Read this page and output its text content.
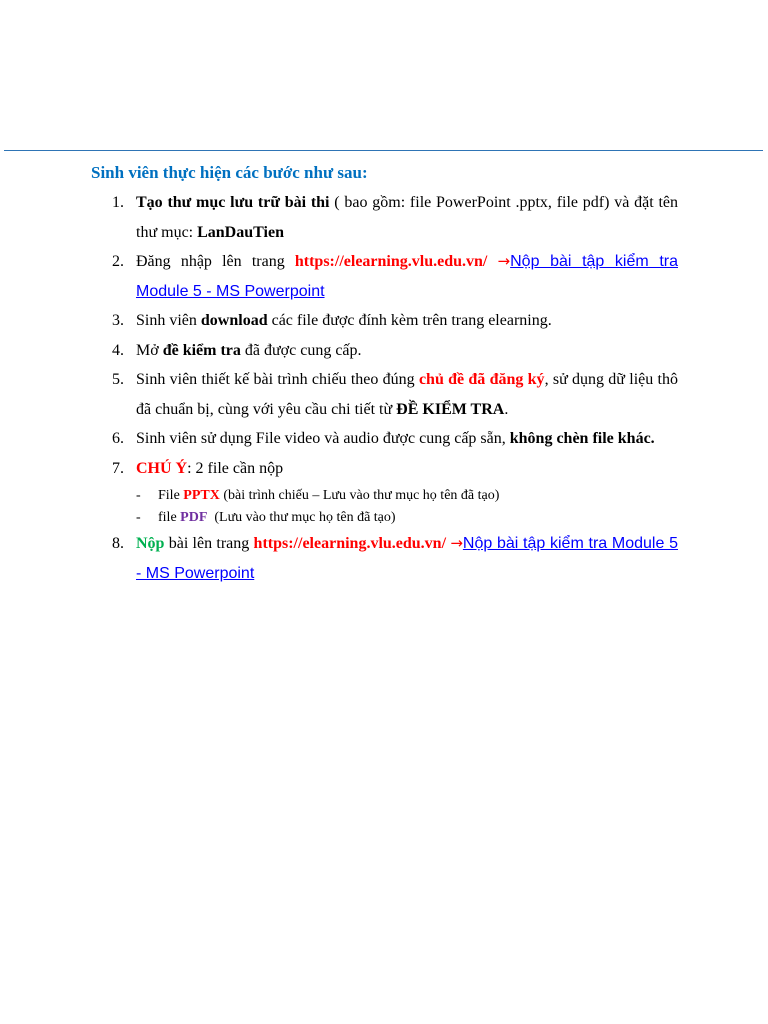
Sinh viên thực hiện các bước như sau:

1. Tạo thư mục lưu trữ bài thi ( bao gồm: file PowerPoint .pptx, file pdf) và đặt tên thư mục: LanDauTien

2. Đăng nhập lên trang https://elearning.vlu.edu.vn/ →Nộp bài tập kiểm tra Module 5 - MS Powerpoint

3. Sinh viên download các file được đính kèm trên trang elearning.

4. Mở đề kiểm tra đã được cung cấp.

5. Sinh viên thiết kế bài trình chiếu theo đúng chủ đề đã đăng ký, sử dụng dữ liệu thô đã chuẩn bị, cùng với yêu cầu chi tiết từ ĐỀ KIỂM TRA.

6. Sinh viên sử dụng File video và audio được cung cấp sẵn, không chèn file khác.

7. CHÚ Ý: 2 file cần nộp
- File PPTX (bài trình chiếu – Lưu vào thư mục họ tên đã tạo)
- file PDF  (Lưu vào thư mục họ tên đã tạo)

8. Nộp bài lên trang https://elearning.vlu.edu.vn/ →Nộp bài tập kiểm tra Module 5 - MS Powerpoint
